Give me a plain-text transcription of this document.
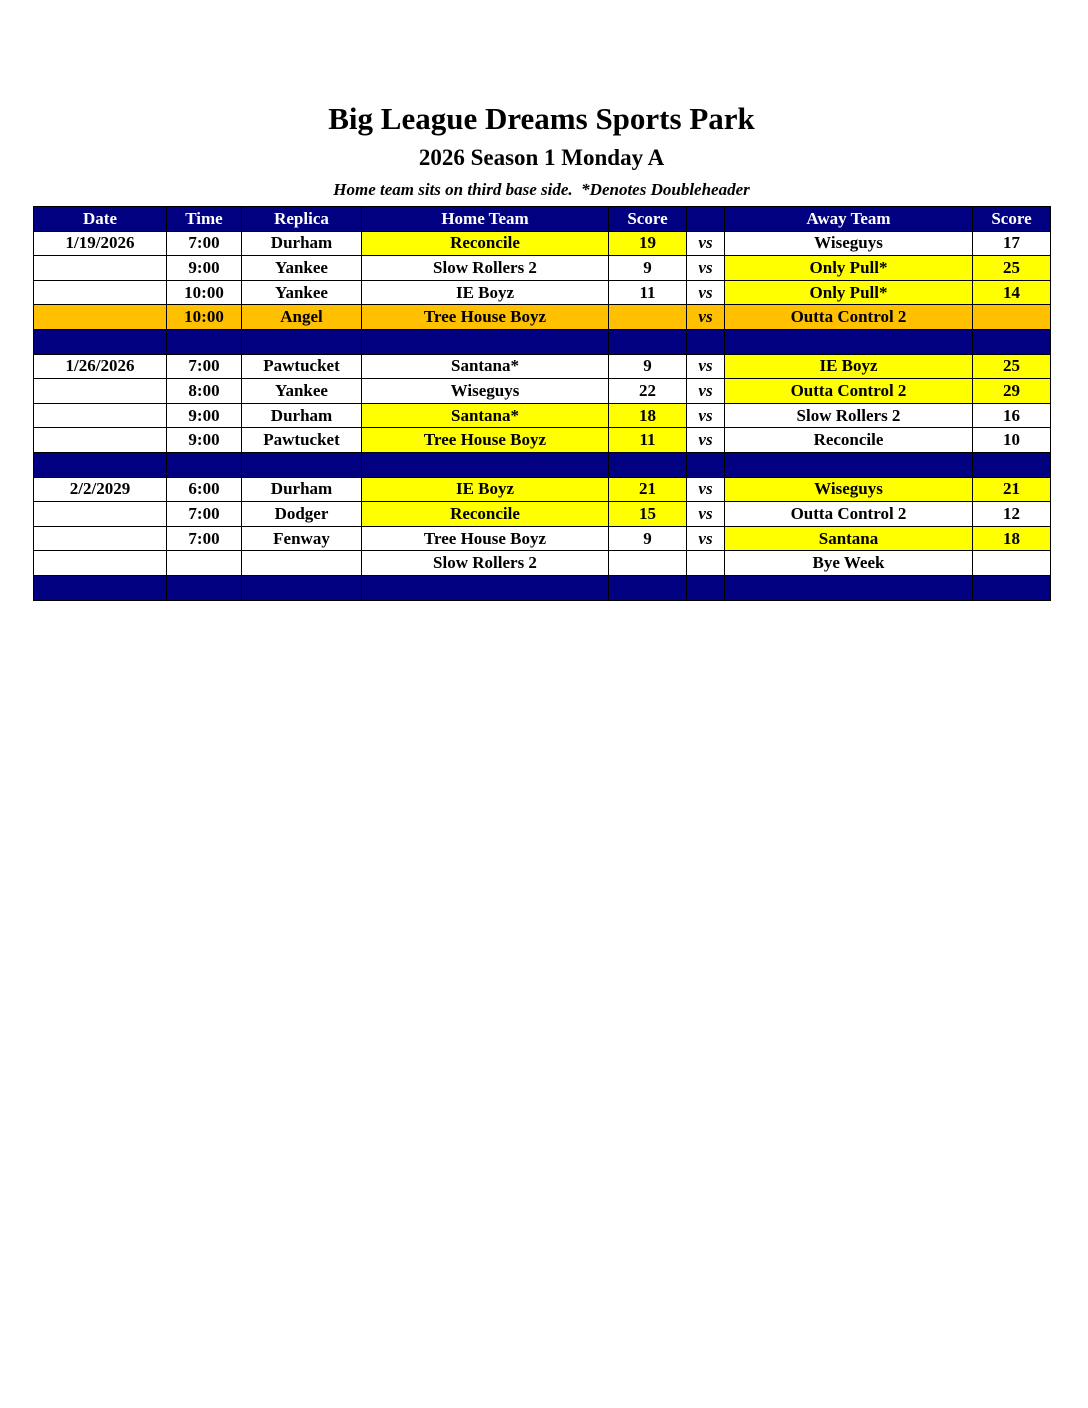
Big League Dreams Sports Park
2026 Season 1 Monday A
Home team sits on third base side.  *Denotes Doubleheader
Date	Time	Replica	Home Team	Score		Away Team	Score
1/19/2026	7:00	Durham	Reconcile	19	vs	Wiseguys	17
	9:00	Yankee	Slow Rollers 2	9	vs	Only Pull*	25
	10:00	Yankee	IE Boyz	11	vs	Only Pull*	14
	10:00	Angel	Tree House Boyz		vs	Outta Control 2	

1/26/2026	7:00	Pawtucket	Santana*	9	vs	IE Boyz	25
	8:00	Yankee	Wiseguys	22	vs	Outta Control 2	29
	9:00	Durham	Santana*	18	vs	Slow Rollers 2	16
	9:00	Pawtucket	Tree House Boyz	11	vs	Reconcile	10

2/2/2029	6:00	Durham	IE Boyz	21	vs	Wiseguys	21
	7:00	Dodger	Reconcile	15	vs	Outta Control 2	12
	7:00	Fenway	Tree House Boyz	9	vs	Santana	18
			Slow Rollers 2			Bye Week	
